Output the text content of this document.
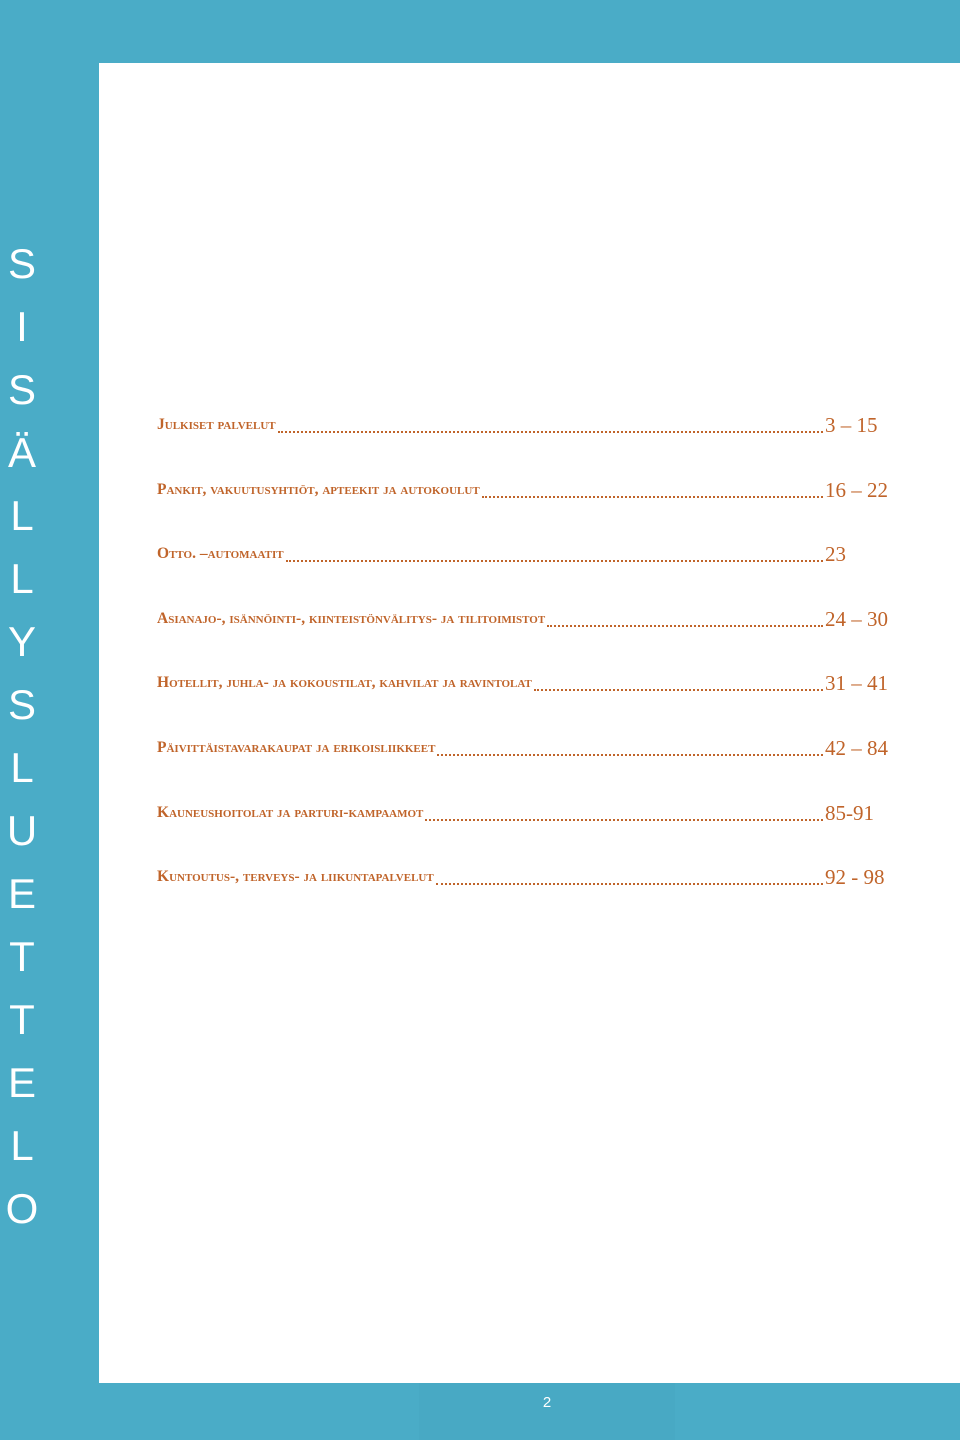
S
I
S
Ä
L
L
Y
S
L
U
E
T
T
E
L
O
Julkiset palvelut	3 – 15
Pankit, vakuutusyhtiöt, apteekit ja autokoulut	16 – 22
Otto. –automaatit	23
Asianajo-, isännöinti-, kiinteistönvälitys- ja tilitoimistot	24 – 30
Hotellit, juhla- ja kokoustilat, kahvilat ja ravintolat	31 – 41
Päivittäistavarakaupat ja erikoisliikkeet	42 – 84
Kauneushoitolat ja parturi-kampaamot	85-91
Kuntoutus-, terveys- ja liikuntapalvelut	92 - 98
2
